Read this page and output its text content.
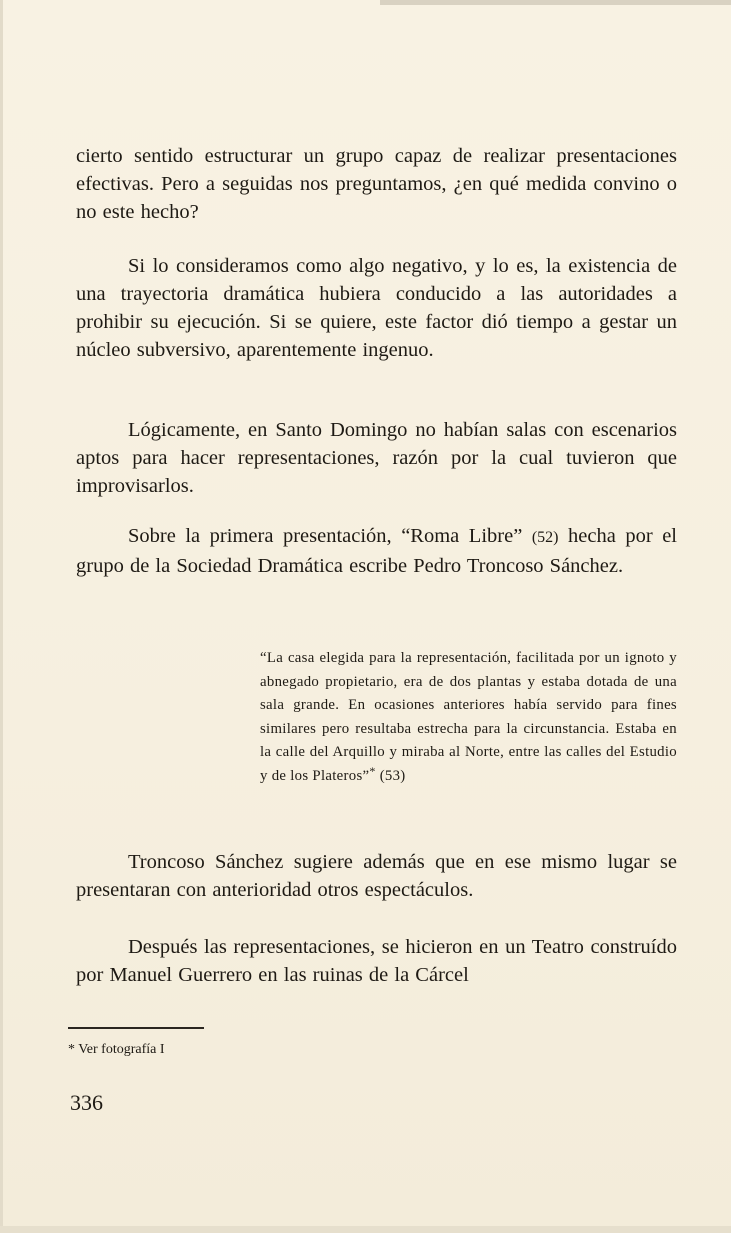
cierto sentido estructurar un grupo capaz de realizar presentaciones efectivas. Pero a seguidas nos preguntamos, ¿en qué medida convino o no este hecho?

Si lo consideramos como algo negativo, y lo es, la existencia de una trayectoria dramática hubiera conducido a las autoridades a prohibir su ejecución. Si se quiere, este factor dió tiempo a gestar un núcleo subversivo, aparentemente ingenuo.

Lógicamente, en Santo Domingo no habían salas con escenarios aptos para hacer representaciones, razón por la cual tuvieron que improvisarlos.

Sobre la primera presentación, “Roma Libre” (52) hecha por el grupo de la Sociedad Dramática escribe Pedro Troncoso Sánchez.

“La casa elegida para la representación, facilitada por un ignoto y abnegado propietario, era de dos plantas y estaba dotada de una sala grande. En ocasiones anteriores había servido para fines similares pero resultaba estrecha para la circunstancia. Estaba en la calle del Arquillo y miraba al Norte, entre las calles del Estudio y de los Plateros”* (53)

Troncoso Sánchez sugiere además que en ese mismo lugar se presentaran con anterioridad otros espectáculos.

Después las representaciones, se hicieron en un Teatro construído por Manuel Guerrero en las ruinas de la Cárcel

* Ver fotografía I

336
